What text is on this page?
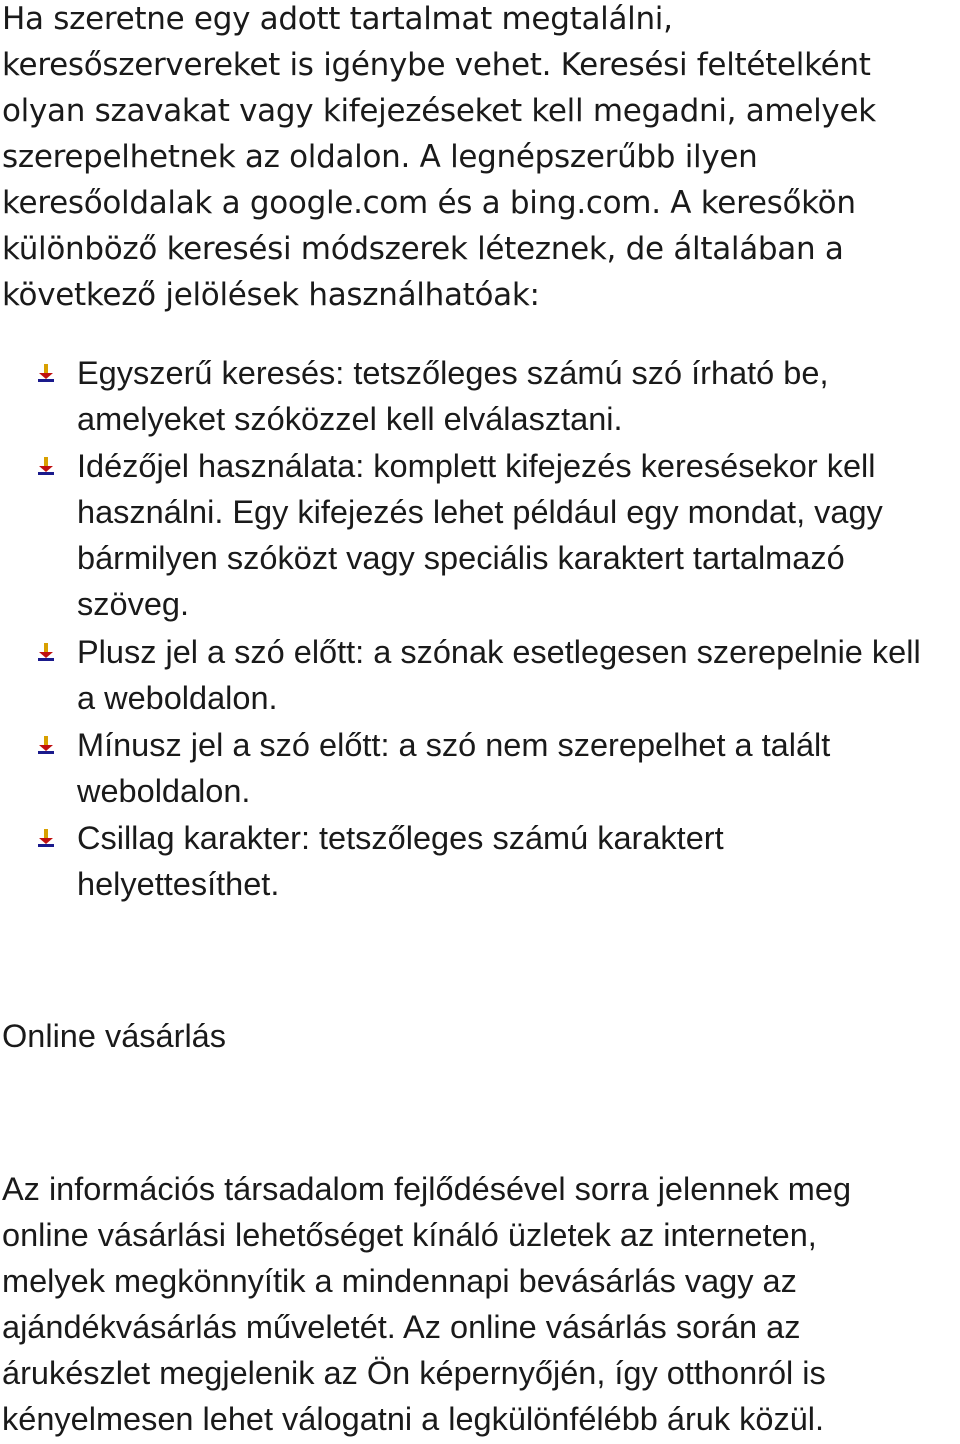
Ha szeretne egy adott tartalmat megtalálni,
keresőszervereket is igénybe vehet. Keresési feltételként
olyan szavakat vagy kifejezéseket kell megadni, amelyek
szerepelhetnek az oldalon. A legnépszerűbb ilyen
keresőoldalak a google.com és a bing.com. A keresőkön
különböző keresési módszerek léteznek, de általában a
következő jelölések használhatóak:
Egyszerű keresés: tetszőleges számú szó írható be,
amelyeket szóközzel kell elválasztani.
Idézőjel használata: komplett kifejezés keresésekor kell
használni. Egy kifejezés lehet például egy mondat, vagy
bármilyen szóközt vagy speciális karaktert tartalmazó
szöveg.
Plusz jel a szó előtt: a szónak esetlegesen szerepelnie kell
a weboldalon.
Mínusz jel a szó előtt: a szó nem szerepelhet a talált
weboldalon.
Csillag karakter: tetszőleges számú karaktert
helyettesíthet.
Online vásárlás
Az információs társadalom fejlődésével sorra jelennek meg
online vásárlási lehetőséget kínáló üzletek az interneten,
melyek megkönnyítik a mindennapi bevásárlás vagy az
ajándékvásárlás műveletét. Az online vásárlás során az
árukészlet megjelenik az Ön képernyőjén, így otthonról is
kényelmesen lehet válogatni a legkülönfélébb áruk közül.
